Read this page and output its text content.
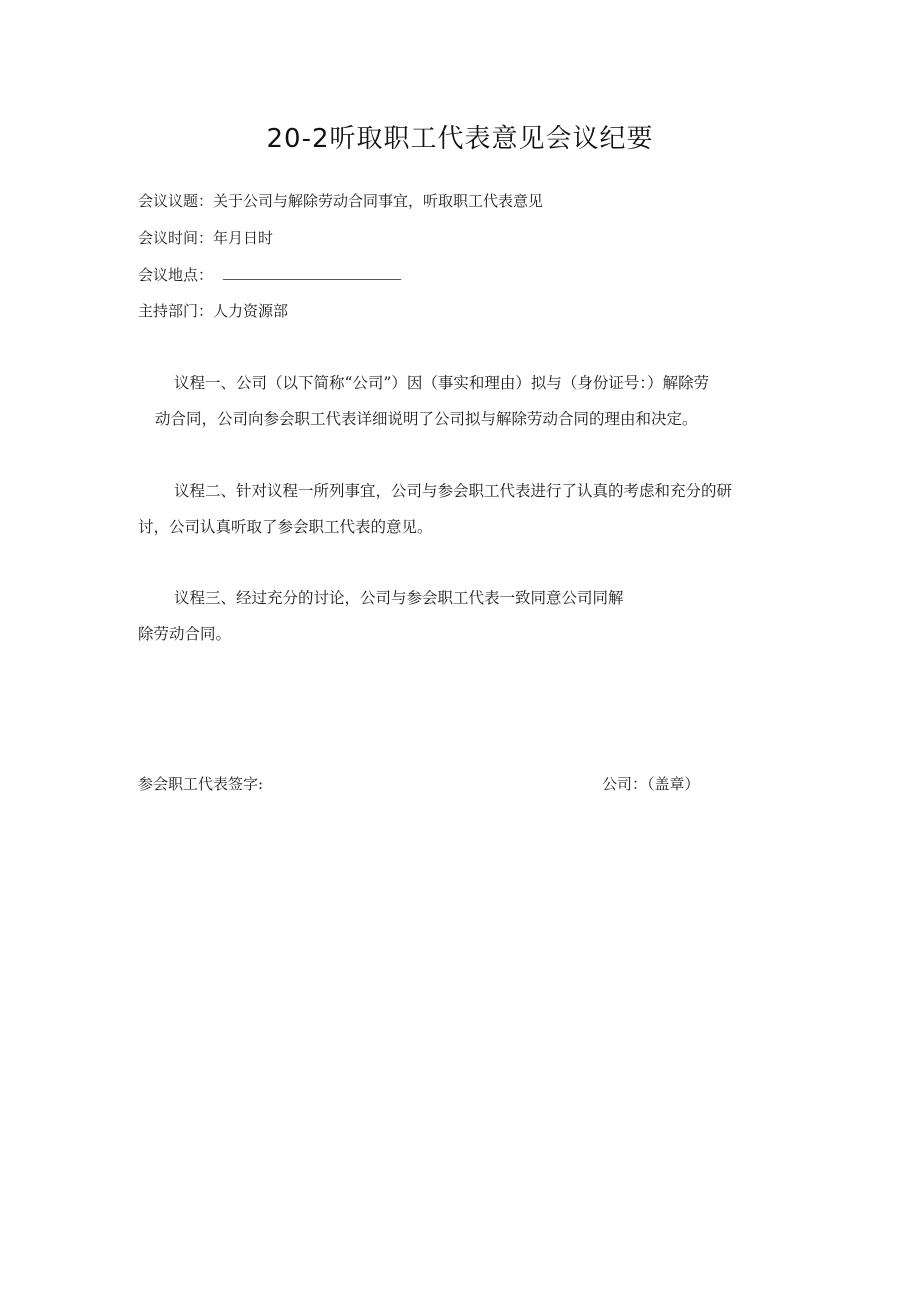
20-2听取职工代表意见会议纪要
会议议题：关于公司与解除劳动合同事宜，听取职工代表意见
会议时间：年月日时
会议地点：
主持部门：人力资源部
议程一、公司（以下简称“公司”）因（事实和理由）拟与（身份证号：）解除劳
动合同，公司向参会职工代表详细说明了公司拟与解除劳动合同的理由和决定。
议程二、针对议程一所列事宜，公司与参会职工代表进行了认真的考虑和充分的研
讨，公司认真听取了参会职工代表的意见。
议程三、经过充分的讨论，公司与参会职工代表一致同意公司同解
除劳动合同。
参会职工代表签字:	公司：（盖章）
